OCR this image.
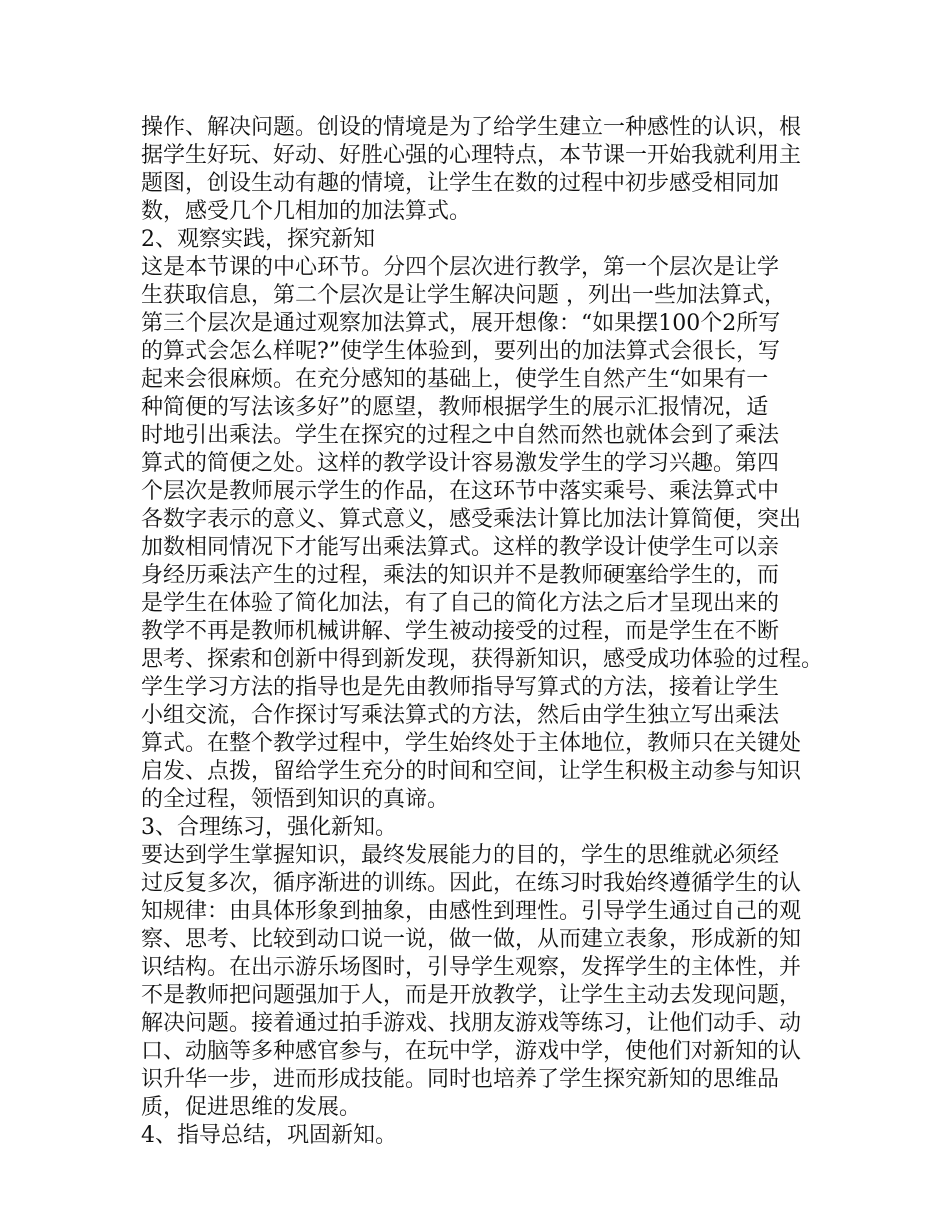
操作、解决问题。创设的情境是为了给学生建立一种感性的认识，根
据学生好玩、好动、好胜心强的心理特点，本节课一开始我就利用主
题图，创设生动有趣的情境，让学生在数的过程中初步感受相同加
数，感受几个几相加的加法算式。
2、观察实践，探究新知
这是本节课的中心环节。分四个层次进行教学，第一个层次是让学
生获取信息，第二个层次是让学生解决问题 ，列出一些加法算式，
第三个层次是通过观察加法算式，展开想像：“如果摆100个2所写
的算式会怎么样呢?”使学生体验到，要列出的加法算式会很长，写
起来会很麻烦。在充分感知的基础上，使学生自然产生“如果有一
种简便的写法该多好”的愿望，教师根据学生的展示汇报情况，适
时地引出乘法。学生在探究的过程之中自然而然也就体会到了乘法
算式的简便之处。这样的教学设计容易激发学生的学习兴趣。第四
个层次是教师展示学生的作品，在这环节中落实乘号、乘法算式中
各数字表示的意义、算式意义，感受乘法计算比加法计算简便，突出
加数相同情况下才能写出乘法算式。这样的教学设计使学生可以亲
身经历乘法产生的过程，乘法的知识并不是教师硬塞给学生的，而
是学生在体验了简化加法，有了自己的简化方法之后才呈现出来的
教学不再是教师机械讲解、学生被动接受的过程，而是学生在不断
思考、探索和创新中得到新发现，获得新知识，感受成功体验的过程。
学生学习方法的指导也是先由教师指导写算式的方法，接着让学生
小组交流，合作探讨写乘法算式的方法，然后由学生独立写出乘法
算式。在整个教学过程中，学生始终处于主体地位，教师只在关键处
启发、点拨，留给学生充分的时间和空间，让学生积极主动参与知识
的全过程，领悟到知识的真谛。
3、合理练习，强化新知。
要达到学生掌握知识，最终发展能力的目的，学生的思维就必须经
过反复多次，循序渐进的训练。因此，在练习时我始终遵循学生的认
知规律：由具体形象到抽象，由感性到理性。引导学生通过自己的观
察、思考、比较到动口说一说，做一做，从而建立表象，形成新的知
识结构。在出示游乐场图时，引导学生观察，发挥学生的主体性，并
不是教师把问题强加于人，而是开放教学，让学生主动去发现问题，
解决问题。接着通过拍手游戏、找朋友游戏等练习，让他们动手、动
口、动脑等多种感官参与，在玩中学，游戏中学，使他们对新知的认
识升华一步，进而形成技能。同时也培养了学生探究新知的思维品
质，促进思维的发展。
4、指导总结，巩固新知。
